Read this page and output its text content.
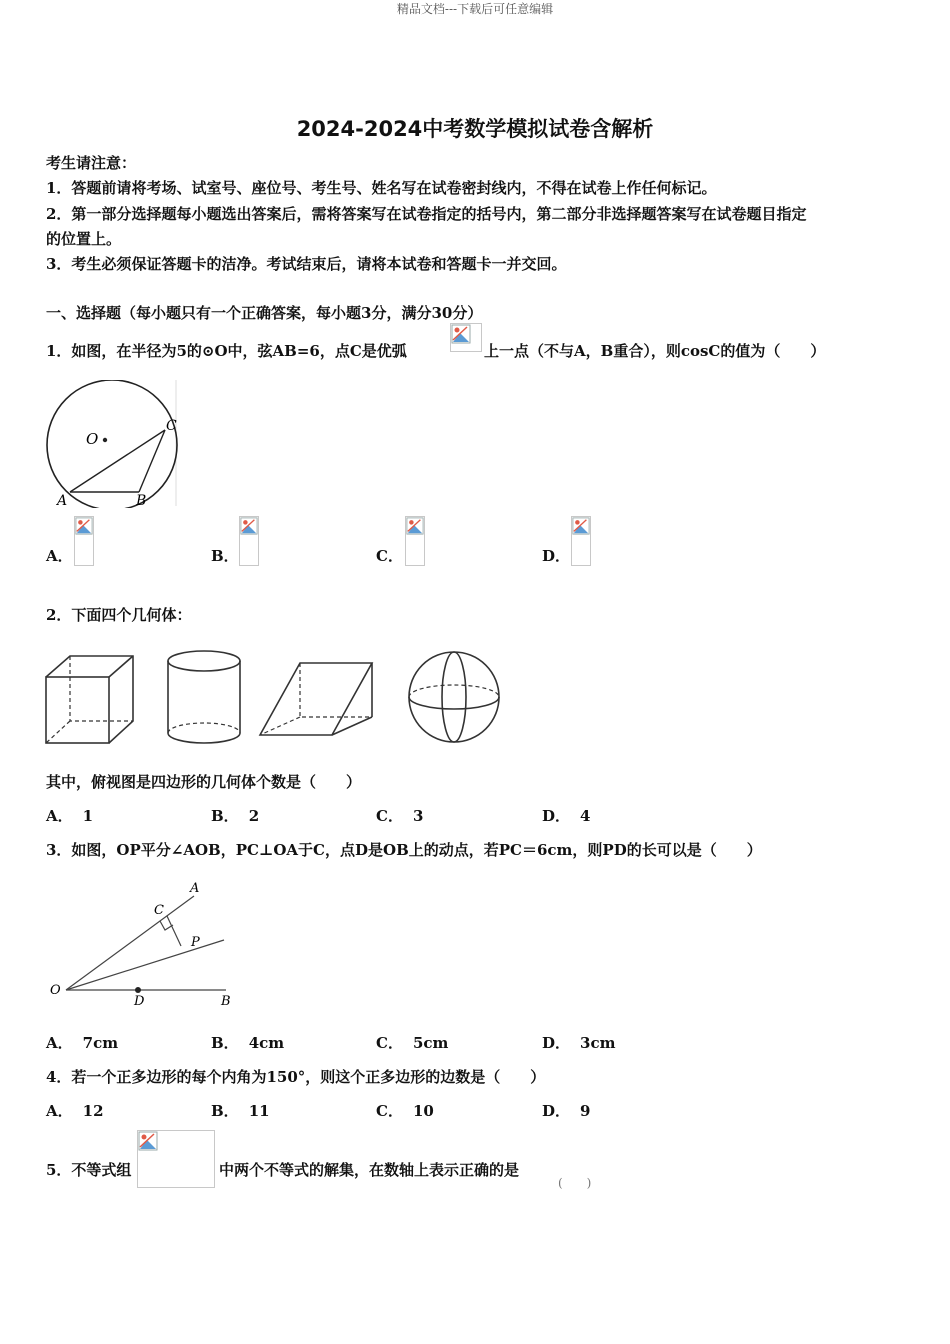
精品文档---下载后可任意编辑
2024-2024中考数学模拟试卷含解析
考生请注意：
1．答题前请将考场、试室号、座位号、考生号、姓名写在试卷密封线内，不得在试卷上作任何标记。
2．第一部分选择题每小题选出答案后，需将答案写在试卷指定的括号内，第二部分非选择题答案写在试卷题目指定
的位置上。
3．考生必须保证答题卡的洁净。考试结束后，请将本试卷和答题卡一并交回。
一、选择题（每小题只有一个正确答案，每小题3分，满分30分）
1．如图，在半径为5的⊙O中，弦AB=6，点C是优弧	上一点（不与A，B重合），则cosC的值为（　　）
O
A	B
C
A．	B．	C．	D．
2．下面四个几何体：
其中，俯视图是四边形的几何体个数是（　　）
A． 1	B． 2	C． 3	D． 4
3．如图，OP平分∠AOB，PC⊥OA于C，点D是OB上的动点，若PC＝6cm，则PD的长可以是（　　）
A
C
P
O
D	B
A． 7cm	B． 4cm	C． 5cm	D． 3cm
4．若一个正多边形的每个内角为150°，则这个正多边形的边数是（　　）
A． 12	B． 11	C． 10	D． 9
5．不等式组	中两个不等式的解集，在数轴上表示正确的是
(　　)
